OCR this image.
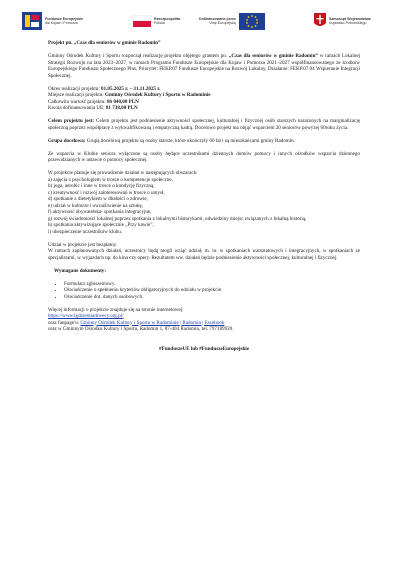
Fundusze Europejskie
dla Kujaw i Pomorza
Rzeczpospolita
Polska
Dofinansowane przez
Unię Europejską
Samorząd Województwa
Kujawsko-Pomorskiego

Projekt pn. „Czas dla seniorów w gminie Radomin”

Gminny Ośrodek Kultury i Sportu rozpoczął realizację projektu objętego grantem pn. „Czas dla seniorów w gminie Radomin” w ramach Lokalnej Strategii Rozwoju na lata 2023–2027, w ramach Programu Fundusze Europejskie dla Kujaw i Pomorza 2021–2027 współfinansowanego ze środków Europejskiego Funduszu Społecznego Plus, Priorytet: FEKP.07 Fundusze Europejskie na Rozwój Lokalny, Działanie: FEKP.07.04 Wspieranie Integracji Społecznej.

Okres realizacji projektu: 01.05.2025 r. – 31.11.2025 r.

Miejsce realizacji projektu: Gminny Ośrodek Kultury i Sportu w Radominie

Całkowita wartość projektu: 86 040,00 PLN

Kwota dofinansowania UE: 81 738,00 PLN

Celem projektu jest: Celem projektu jest podniesienie aktywności społecznej, kulturalnej i fizycznej osób starszych narażonych na marginalizację społeczną poprzez współpracę z wykwalifikowaną i empatyczną kadrą. Docelowo projekt ma objąć wsparciem 20 seniorów powyżej 60roku życia.

Grupa docelowa: Grupą docelową projektu są osoby starsze, które ukończyły 60 lat i są mieszkańcami gminy Radomin.

Ze wsparcia w Klubie seniora wyłączone są osoby będące uczestnikami dziennych domów pomocy i innych ośrodków wsparcia dziennego przewidzianych w ustawie o pomocy społecznej.

W projekcie planuje się prowadzenie działań w następujących obszarach:

a) zajęcia z psychologiem w trosce o kompetencje społeczne,

b) joga, aerobic i inne w trosce o kondycję fizyczną,

c) kreatywność i rozwój zainteresowań w trosce o umysł,

d) spotkanie z dietetykiem w dbałości o zdrowie,

e) udział w kulturze i uwrażliwienie na sztukę,

f) aktywność obywatelska- spotkania integracyjne,

g) rozwój świadomości lokalnej poprzez spotkania z lokalnymi historykami, odwiedziny miejsc związanych z lokalną historią,

h) spotkania aktywizujące społecznie „Przy kawie”,

i) ubezpieczenie uczestników klubu.

Udział w projekcie jest bezpłatny.

W ramach zaplanowanych działań, uczestnicy będą mogli wziąć udział, m. in. w spotkaniach warsztatowych i integracyjnych, w spotkaniach ze specjalistami, w wyjazdach np. do kina czy opery. Rezultatem ww. działań będzie podniesienie aktywności społecznej, kulturalnej i fizycznej.

Wymagane dokumenty:

• Formularz zgłoszeniowy.
• Oświadczenie o spełnieniu kryteriów obligatoryjnych do udziału w projekcie.
• Oświadczenie dot. danych osobowych.

Więcej informacji o projekcie znajduje się na stronie internetowej:

https://www.lgdziemiadrwecy.org.pl/

oraz fanpage'u: Gminny Ośrodek Kultury i Sportu w Radominie | Radomin | Facebook

oraz w Gminnym Ośrodku Kultury i Sportu, Radomin 1, 87-404 Radomin, tel. 797189920.

#FunduszeUE lub #FunduszeEuropejskie
